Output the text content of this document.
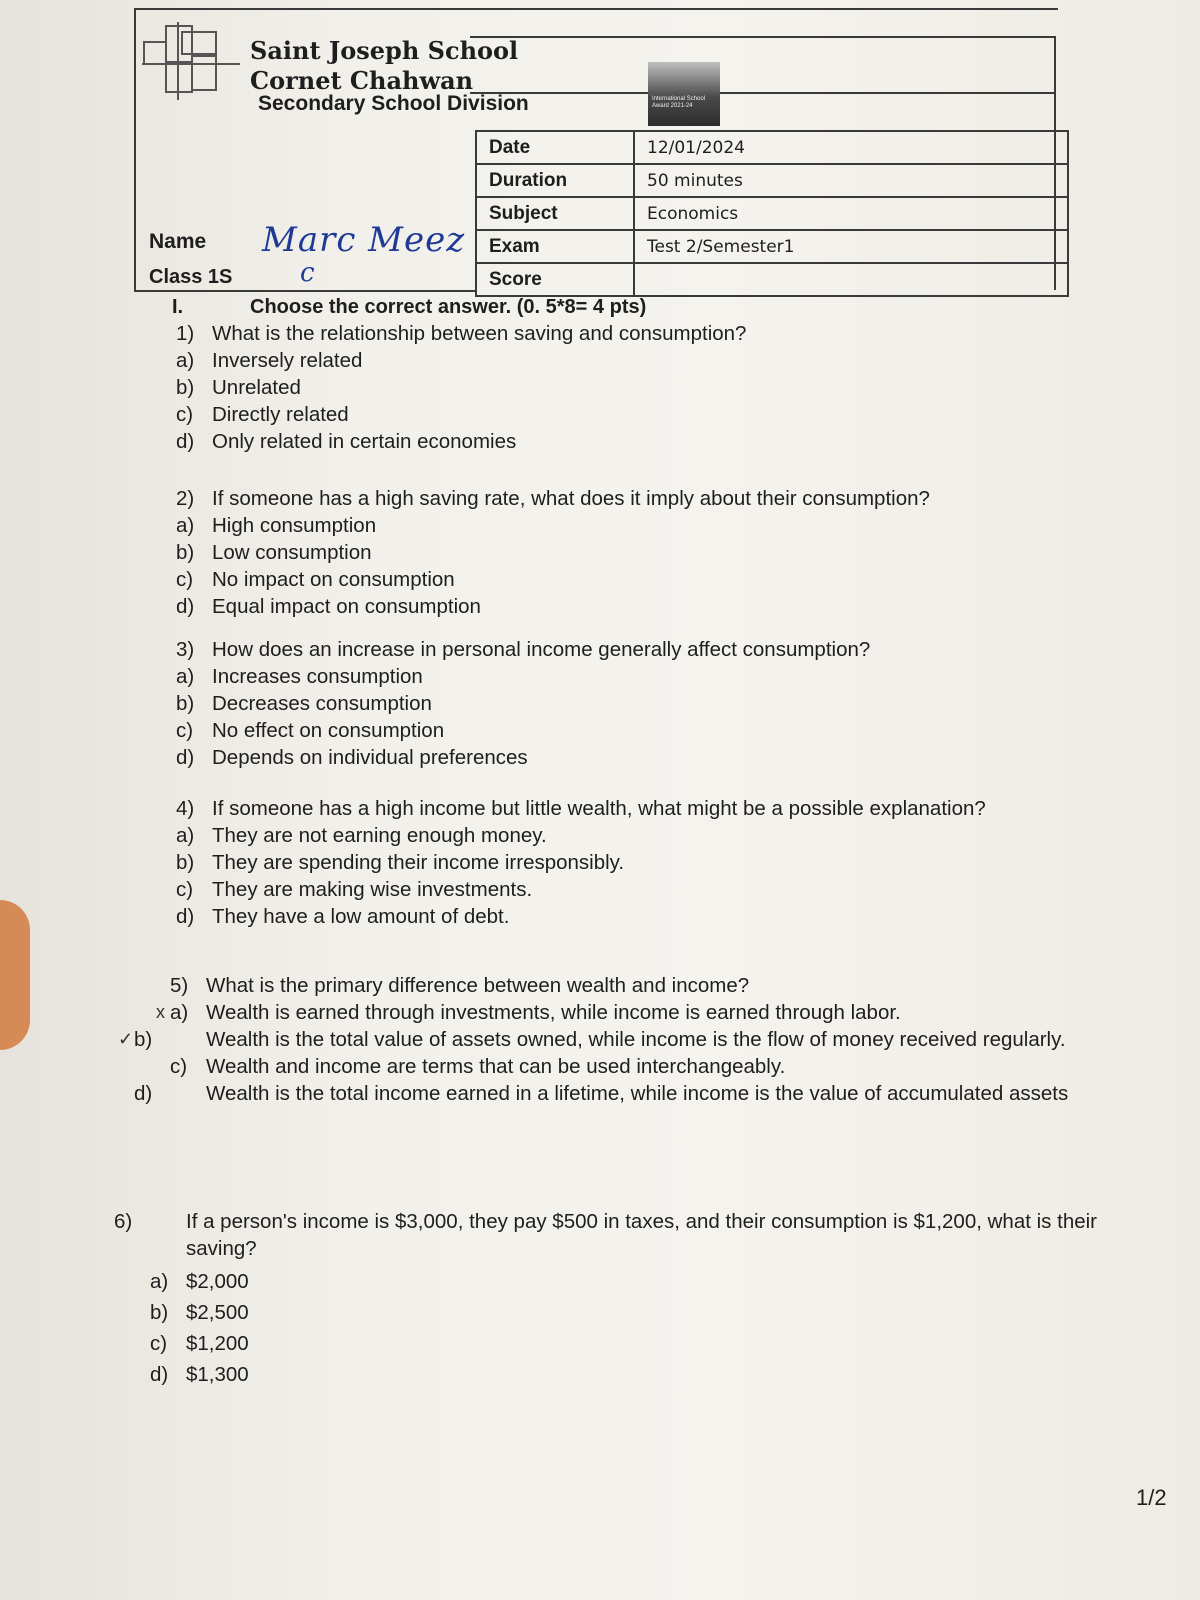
Saint Joseph School
Cornet Chahwan
Secondary School Division	International School Award 2021-24
Date	12/01/2024
Duration	50 minutes
Subject	Economics
Exam	Test 2/Semester1
Score	
Name Marc Meez
Class 1S	c
I.	Choose the correct answer. (0. 5*8= 4 pts)
1) What is the relationship between saving and consumption?
a) Inversely related
b) Unrelated
c) Directly related
d) Only related in certain economies
2) If someone has a high saving rate, what does it imply about their consumption?
a) High consumption
b) Low consumption
c) No impact on consumption
d) Equal impact on consumption
3) How does an increase in personal income generally affect consumption?
a) Increases consumption
b) Decreases consumption
c) No effect on consumption
d) Depends on individual preferences
4) If someone has a high income but little wealth, what might be a possible explanation?
a) They are not earning enough money.
b) They are spending their income irresponsibly.
c) They are making wise investments.
d) They have a low amount of debt.
5) What is the primary difference between wealth and income?
x a) Wealth is earned through investments, while income is earned through labor.
✓ b)	Wealth is the total value of assets owned, while income is the flow of money received regularly.
c) Wealth and income are terms that can be used interchangeably.
d)	Wealth is the total income earned in a lifetime, while income is the value of accumulated assets
6)	If a person's income is $3,000, they pay $500 in taxes, and their consumption is $1,200, what is their saving?
a) $2,000
b) $2,500
c) $1,200
d) $1,300
1/2
